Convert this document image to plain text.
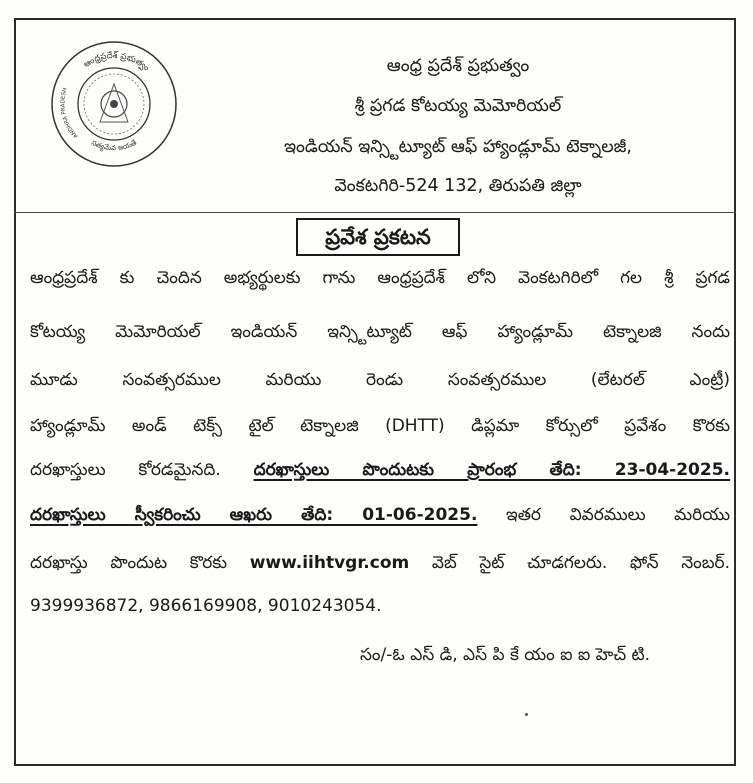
ఆంధ్రప్రదేశ్ ప్రభుత్వం
ANDHRA PRADESH
సత్యమేవ జయతే
ఆంధ్ర ప్రదేశ్ ప్రభుత్వం
శ్రీ ప్రగడ కోటయ్య మెమోరియల్
ఇండియన్ ఇన్స్టిట్యూట్ ఆఫ్ హ్యాండ్లూమ్ టెక్నాలజీ,
వెంకటగిరి-524 132, తిరుపతి జిల్లా
ప్రవేశ ప్రకటన
ఆంధ్రప్రదేశ్ కు చెందిన అభ్యర్థులకు గాను ఆంధ్రప్రదేశ్ లోని వెంకటగిరిలో గల శ్రీ ప్రగడ
కోటయ్య మెమోరియల్ ఇండియన్ ఇన్స్టిట్యూట్ ఆఫ్ హ్యాండ్లూమ్ టెక్నాలజి నందు
మూడు సంవత్సరముల మరియు రెండు సంవత్సరముల (లేటరల్ ఎంట్రీ)
హ్యాండ్లూమ్ అండ్ టెక్స్ టైల్ టెక్నాలజి (DHTT) డిప్లమా కోర్సులో ప్రవేశం కొరకు
దరఖాస్తులు కోరడమైనది. దరఖాస్తులు పొందుటకు ప్రారంభ తేది: 23-04-2025.
దరఖాస్తులు స్వీకరించు ఆఖరు తేది: 01-06-2025. ఇతర వివరములు మరియు
దరఖాస్తు పొందుట కొరకు www.iihtvgr.com వెబ్ సైట్ చూడగలరు. ఫోన్ నెంబర్.
9399936872, 9866169908, 9010243054.
సం/-ఓ ఎస్ డి, ఎస్ పి కే యం ఐ ఐ హెచ్ టి.
